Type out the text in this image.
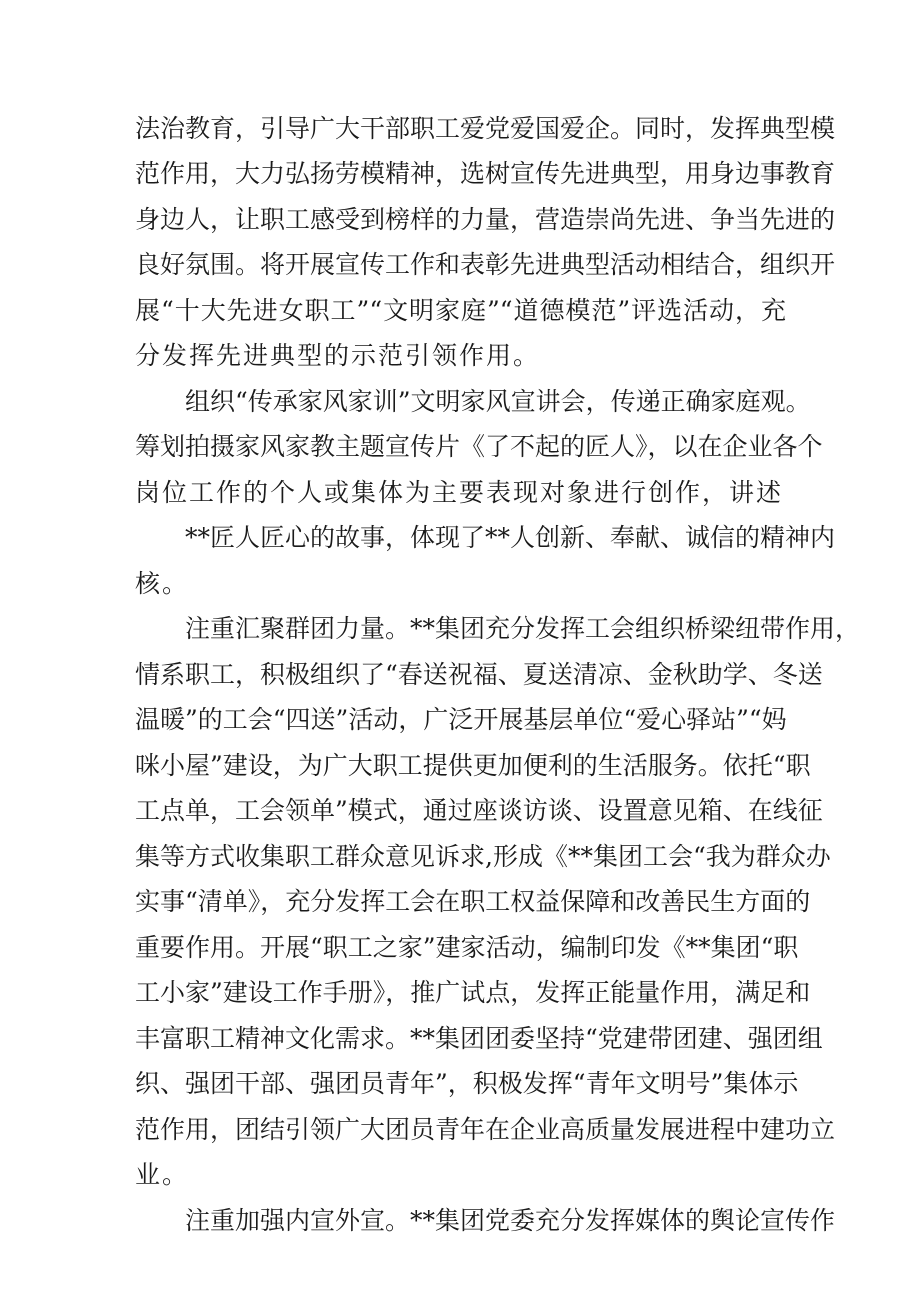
法治教育，引导广大干部职工爱党爱国爱企。同时，发挥典型模

范作用，大力弘扬劳模精神，选树宣传先进典型，用身边事教育

身边人，让职工感受到榜样的力量，营造崇尚先进、争当先进的

良好氛围。将开展宣传工作和表彰先进典型活动相结合，组织开

展“十大先进女职工”“文明家庭”“道德模范”评选活动，充

分发挥先进典型的示范引领作用。

组织“传承家风家训”文明家风宣讲会，传递正确家庭观。

筹划拍摄家风家教主题宣传片《了不起的匠人》，以在企业各个

岗位工作的个人或集体为主要表现对象进行创作，讲述

**匠人匠心的故事，体现了**人创新、奉献、诚信的精神内

核。

注重汇聚群团力量。**集团充分发挥工会组织桥梁纽带作用，

情系职工，积极组织了“春送祝福、夏送清凉、金秋助学、冬送

温暖”的工会“四送”活动，广泛开展基层单位“爱心驿站”“妈

咪小屋”建设，为广大职工提供更加便利的生活服务。依托“职

工点单，工会领单”模式，通过座谈访谈、设置意见箱、在线征

集等方式收集职工群众意见诉求,形成《**集团工会“我为群众办

实事“清单》，充分发挥工会在职工权益保障和改善民生方面的

重要作用。开展“职工之家”建家活动，编制印发《**集团“职

工小家”建设工作手册》，推广试点，发挥正能量作用，满足和

丰富职工精神文化需求。**集团团委坚持“党建带团建、强团组

织、强团干部、强团员青年”，积极发挥“青年文明号”集体示

范作用，团结引领广大团员青年在企业高质量发展进程中建功立

业。

注重加强内宣外宣。**集团党委充分发挥媒体的舆论宣传作
